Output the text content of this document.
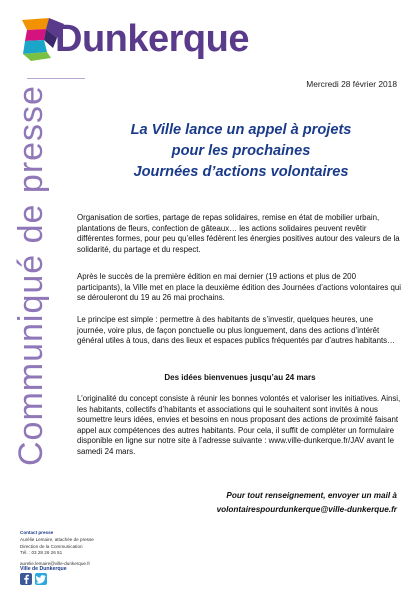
Dunkerque
Communiqué de presse
Mercredi 28 février 2018
La Ville lance un appel à projets
pour les prochaines
Journées d’actions volontaires
Organisation de sorties, partage de repas solidaires, remise en état de mobilier urbain, plantations de fleurs, confection de gâteaux… les actions solidaires peuvent revêtir différentes formes, pour peu qu’elles fédèrent les énergies positives autour des valeurs de la solidarité, du partage et du respect.
Après le succès de la première édition en mai dernier (19 actions et plus de 200 participants), la Ville met en place la deuxième édition des Journées d’actions volontaires qui se dérouleront du 19 au 26 mai prochains.
Le principe est simple : permettre à des habitants de s’investir, quelques heures, une journée, voire plus, de façon ponctuelle ou plus longuement, dans des actions d’intérêt général utiles à tous, dans des lieux et espaces publics fréquentés par d’autres habitants…
Des idées bienvenues jusqu’au 24 mars
L’originalité du concept consiste à réunir les bonnes volontés et valoriser les initiatives. Ainsi, les habitants, collectifs d’habitants et associations qui le souhaitent sont invités à nous soumettre leurs idées, envies et besoins en nous proposant des actions de proximité faisant appel aux compétences des autres habitants. Pour cela, il suffit de compléter un formulaire disponible en ligne sur notre site à l’adresse suivante : www.ville-dunkerque.fr/JAV avant le samedi 24 mars.
Pour tout renseignement, envoyer un mail à
volontairespourdunkerque@ville-dunkerque.fr
Contact presse
Aurélie Lemaire, attachée de presse
Direction de la Communication
Tél. : 03 28 26 26 51
aurelie.lemaire@ville-dunkerque.fr
Ville de Dunkerque
